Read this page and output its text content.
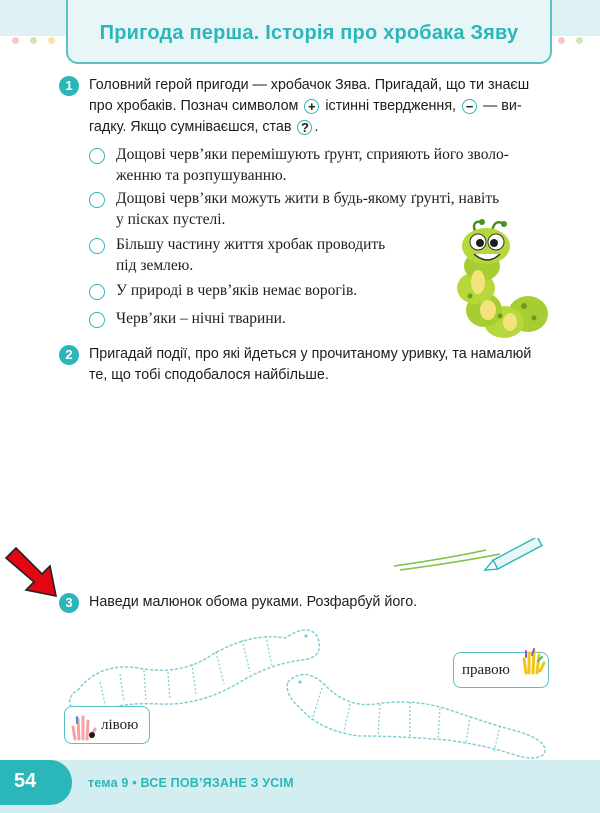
Пригода перша. Історія про хробака Зяву
1	Головний герой пригоди — хробачок Зява. Пригадай, що ти знаєш
про хробаків. Познач символом + істинні твердження, − — ви-
гадку. Якщо сумніваєшся, став ? .
Дощові черв’яки перемішують ґрунт, сприяють його зволо-
женню та розпушуванню.
Дощові черв’яки можуть жити в будь-якому ґрунті, навіть
у пісках пустелі.
Більшу частину життя хробак проводить
під землею.
У природі в черв’яків немає ворогів.
Черв’яки – нічні тварини.
2	Пригадай події, про які йдеться у прочитаному уривку, та намалюй
те, що тобі сподобалося найбільше.
3	Наведи малюнок обома руками. Розфарбуй його.
правою
лівою
54	тема 9 • ВСЕ ПОВ’ЯЗАНЕ З УСІМ
